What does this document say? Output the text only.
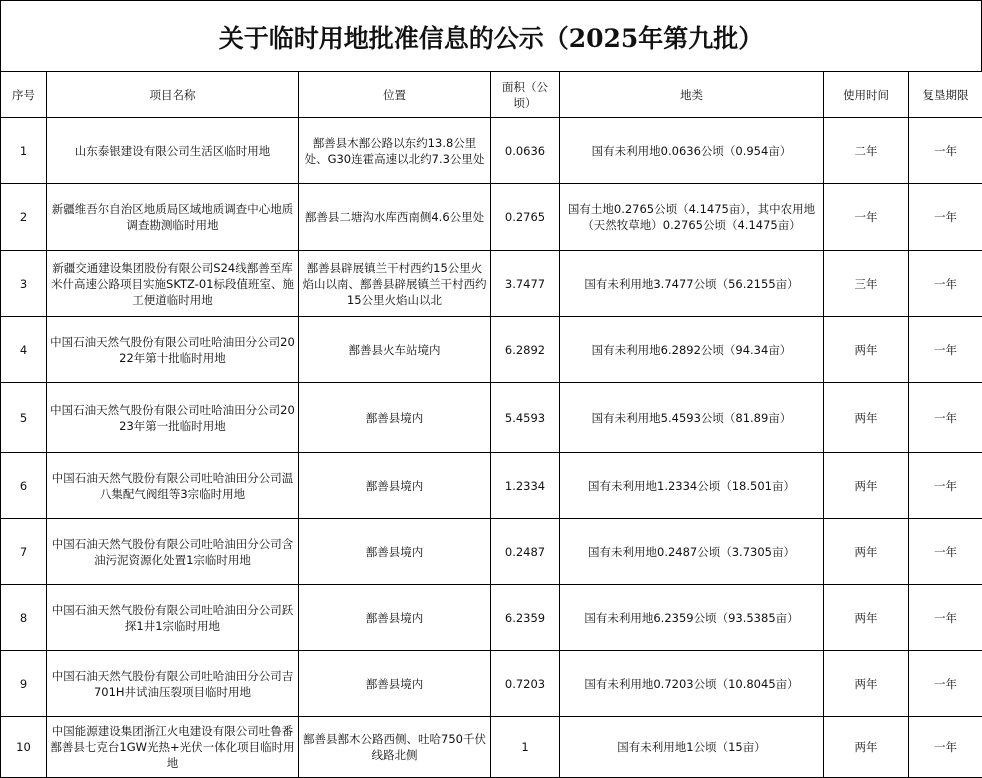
关于临时用地批准信息的公示（2025年第九批）
序号	项目名称	位置	面积（公顷）	地类	使用时间	复垦期限
1	山东泰银建设有限公司生活区临时用地	鄯善县木鄯公路以东约13.8公里处、G30连霍高速以北约7.3公里处	0.0636	国有未利用地0.0636公顷（0.954亩）	二年	一年
2	新疆维吾尔自治区地质局区域地质调查中心地质调查勘测临时用地	鄯善县二塘沟水库西南侧4.6公里处	0.2765	国有土地0.2765公顷（4.1475亩），其中农用地（天然牧草地）0.2765公顷（4.1475亩）	一年	一年
3	新疆交通建设集团股份有限公司S24线鄯善至库米什高速公路项目实施SKTZ-01标段值班室、施工便道临时用地	鄯善县辟展镇兰干村西约15公里火焰山以南、鄯善县辟展镇兰干村西约15公里火焰山以北	3.7477	国有未利用地3.7477公顷（56.2155亩）	三年	一年
4	中国石油天然气股份有限公司吐哈油田分公司2022年第十批临时用地	鄯善县火车站境内	6.2892	国有未利用地6.2892公顷（94.34亩）	两年	一年
5	中国石油天然气股份有限公司吐哈油田分公司2023年第一批临时用地	鄯善县境内	5.4593	国有未利用地5.4593公顷（81.89亩）	两年	一年
6	中国石油天然气股份有限公司吐哈油田分公司温八集配气阀组等3宗临时用地	鄯善县境内	1.2334	国有未利用地1.2334公顷（18.501亩）	两年	一年
7	中国石油天然气股份有限公司吐哈油田分公司含油污泥资源化处置1宗临时用地	鄯善县境内	0.2487	国有未利用地0.2487公顷（3.7305亩）	两年	一年
8	中国石油天然气股份有限公司吐哈油田分公司跃探1井1宗临时用地	鄯善县境内	6.2359	国有未利用地6.2359公顷（93.5385亩）	两年	一年
9	中国石油天然气股份有限公司吐哈油田分公司吉701H井试油压裂项目临时用地	鄯善县境内	0.7203	国有未利用地0.7203公顷（10.8045亩）	两年	一年
10	中国能源建设集团浙江火电建设有限公司吐鲁番鄯善县七克台1GW光热+光伏一体化项目临时用地	鄯善县鄯木公路西侧、吐哈750千伏线路北侧	1	国有未利用地1公顷（15亩）	两年	一年
